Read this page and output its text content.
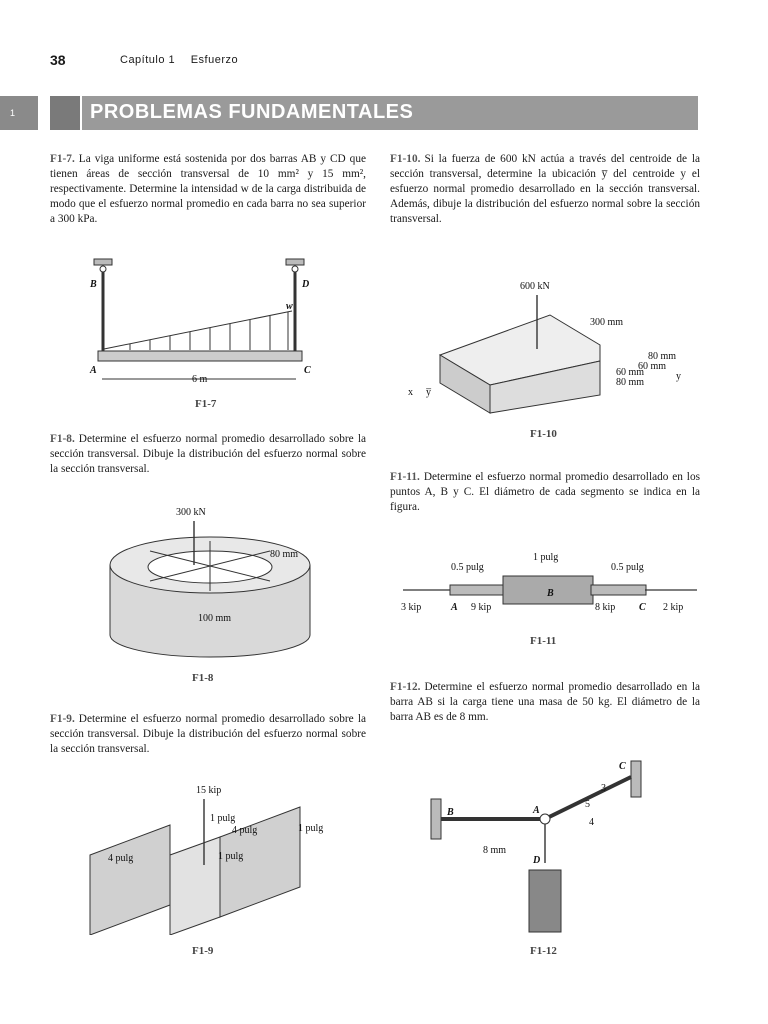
38	Capítulo 1 Esfuerzo
1	PROBLEMAS FUNDAMENTALES
F1-7. La viga uniforme está sostenida por dos barras AB y CD que tienen áreas de sección transversal de 10 mm² y 15 mm², respectivamente. Determine la intensidad w de la carga distribuida de modo que el esfuerzo normal promedio en cada barra no sea superior a 300 kPa.
F1-8. Determine el esfuerzo normal promedio desarrollado sobre la sección transversal. Dibuje la distribución del esfuerzo normal sobre la sección transversal.
F1-9. Determine el esfuerzo normal promedio desarrollado sobre la sección transversal. Dibuje la distribución del esfuerzo normal sobre la sección transversal.
F1-10. Si la fuerza de 600 kN actúa a través del centroide de la sección transversal, determine la ubicación y̅ del centroide y el esfuerzo normal promedio desarrollado en la sección transversal. Además, dibuje la distribución del esfuerzo normal sobre la sección transversal.
F1-11. Determine el esfuerzo normal promedio desarrollado en los puntos A, B y C. El diámetro de cada segmento se indica en la figura.
F1-12. Determine el esfuerzo normal promedio desarrollado en la barra AB si la carga tiene una masa de 50 kg. El diámetro de la barra AB es de 8 mm.
B	D
w
A	C
6 m
F1-7
300 kN
80 mm
100 mm
F1-8
15 kip
1 pulg
4 pulg	1 pulg
4 pulg	1 pulg
F1-9
600 kN
300 mm
80 mm
60 mm
60 mm
80 mm
y
x y̅
F1-10
1 pulg
0.5 pulg	0.5 pulg
3 kip	A 9 kip
B
8 kip C 2 kip
F1-11
B	A
C
D
8 mm
5
3
4
F1-12
